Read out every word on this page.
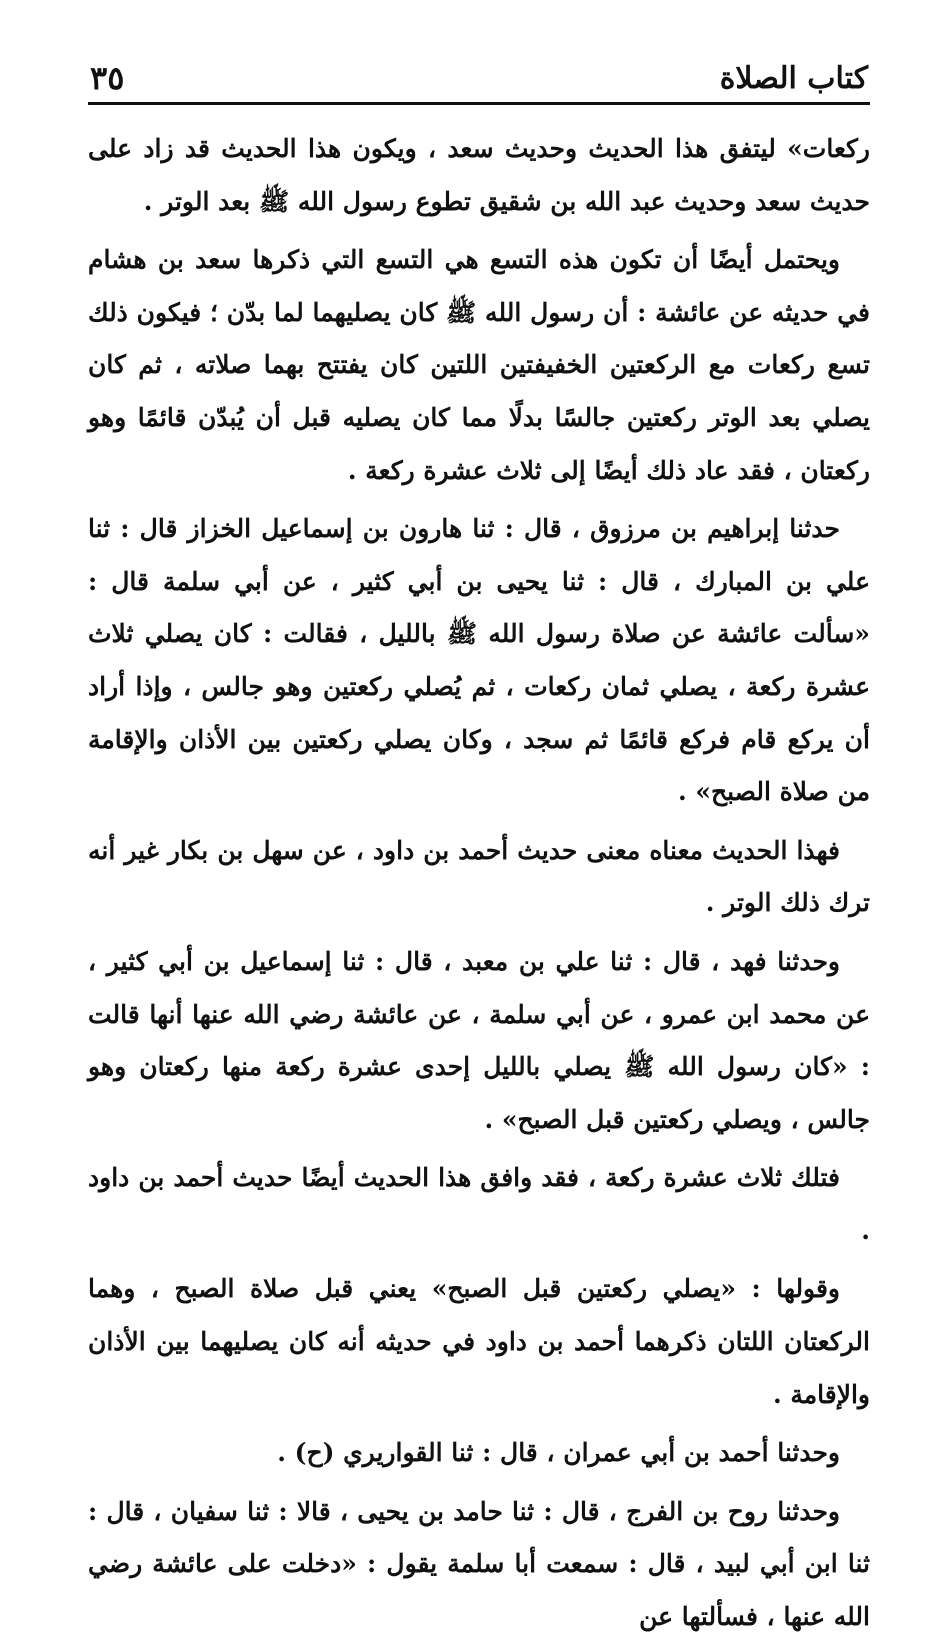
كتاب الصلاة
٣٥

ركعات» ليتفق هذا الحديث وحديث سعد ، ويكون هذا الحديث قد زاد على حديث سعد وحديث عبد الله بن شقيق تطوع رسول الله ﷺ بعد الوتر .

ويحتمل أيضًا أن تكون هذه التسع هي التسع التي ذكرها سعد بن هشام في حديثه عن عائشة : أن رسول الله ﷺ كان يصليهما لما بدّن ؛ فيكون ذلك تسع ركعات مع الركعتين الخفيفتين اللتين كان يفتتح بهما صلاته ، ثم كان يصلي بعد الوتر ركعتين جالسًا بدلًا مما كان يصليه قبل أن يُبدّن قائمًا وهو ركعتان ، فقد عاد ذلك أيضًا إلى ثلاث عشرة ركعة .

حدثنا إبراهيم بن مرزوق ، قال : ثنا هارون بن إسماعيل الخزاز قال : ثنا علي بن المبارك ، قال : ثنا يحيى بن أبي كثير ، عن أبي سلمة قال : «سألت عائشة عن صلاة رسول الله ﷺ بالليل ، فقالت : كان يصلي ثلاث عشرة ركعة ، يصلي ثمان ركعات ، ثم يُصلي ركعتين وهو جالس ، وإذا أراد أن يركع قام فركع قائمًا ثم سجد ، وكان يصلي ركعتين بين الأذان والإقامة من صلاة الصبح» .

فهذا الحديث معناه معنى حديث أحمد بن داود ، عن سهل بن بكار غير أنه ترك ذلك الوتر .

وحدثنا فهد ، قال : ثنا علي بن معبد ، قال : ثنا إسماعيل بن أبي كثير ، عن محمد ابن عمرو ، عن أبي سلمة ، عن عائشة رضي الله عنها أنها قالت : «كان رسول الله ﷺ يصلي بالليل إحدى عشرة ركعة منها ركعتان وهو جالس ، ويصلي ركعتين قبل الصبح» .

فتلك ثلاث عشرة ركعة ، فقد وافق هذا الحديث أيضًا حديث أحمد بن داود .

وقولها : «يصلي ركعتين قبل الصبح» يعني قبل صلاة الصبح ، وهما الركعتان اللتان ذكرهما أحمد بن داود في حديثه أنه كان يصليهما بين الأذان والإقامة .

وحدثنا أحمد بن أبي عمران ، قال : ثنا القواريري (ح) .

وحدثنا روح بن الفرج ، قال : ثنا حامد بن يحيى ، قالا : ثنا سفيان ، قال : ثنا ابن أبي لبيد ، قال : سمعت أبا سلمة يقول : «دخلت على عائشة رضي الله عنها ، فسألتها عن
